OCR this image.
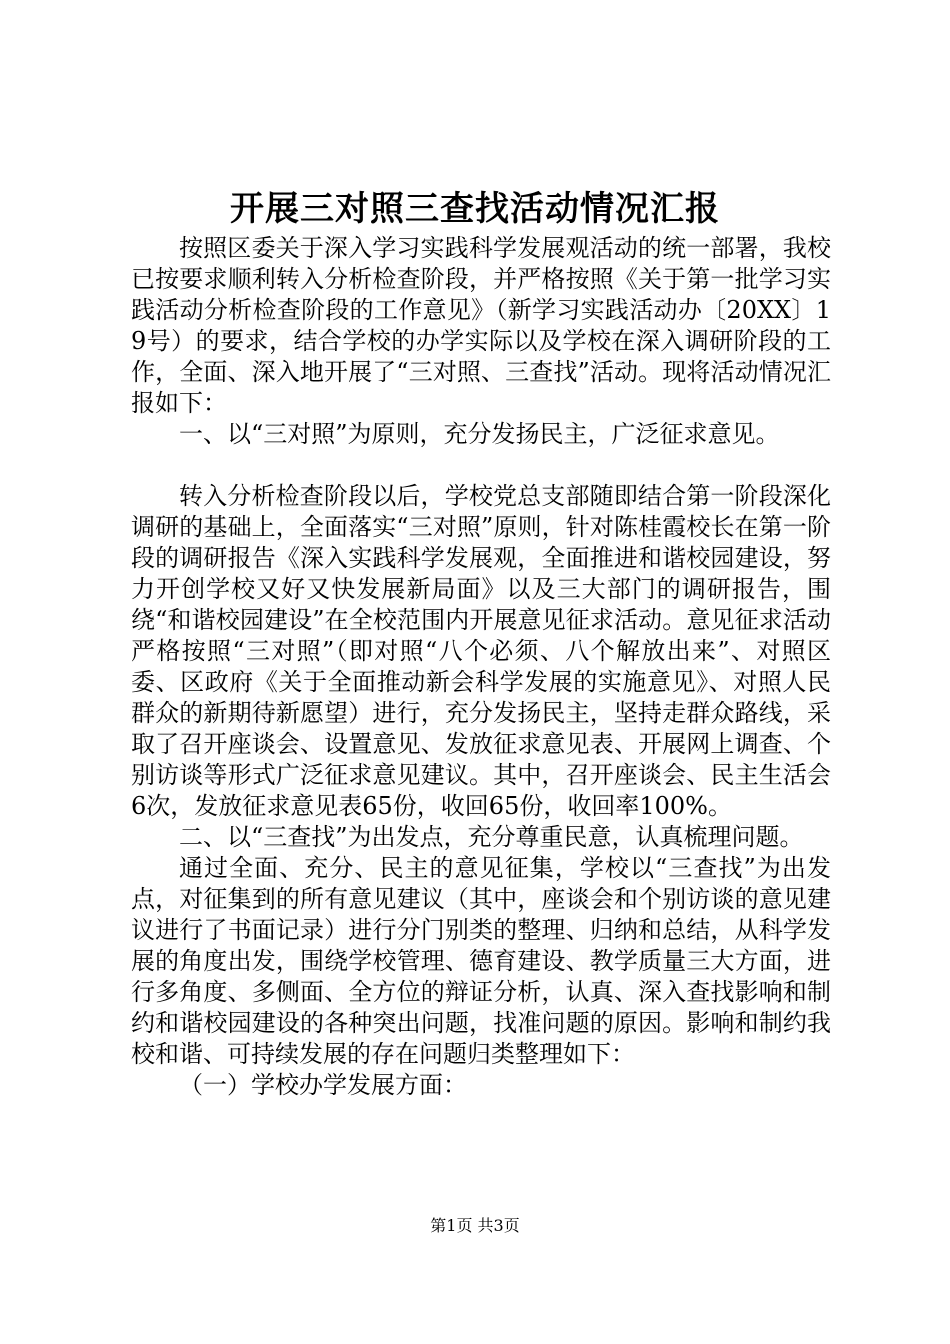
开展三对照三查找活动情况汇报

按照区委关于深入学习实践科学发展观活动的统一部署，我校已按要求顺利转入分析检查阶段，并严格按照《关于第一批学习实践活动分析检查阶段的工作意见》（新学习实践活动办〔20XX〕19号）的要求，结合学校的办学实际以及学校在深入调研阶段的工作，全面、深入地开展了“三对照、三查找”活动。现将活动情况汇报如下：

一、以“三对照”为原则，充分发扬民主，广泛征求意见。

转入分析检查阶段以后，学校党总支部随即结合第一阶段深化调研的基础上，全面落实“三对照”原则，针对陈桂霞校长在第一阶段的调研报告《深入实践科学发展观，全面推进和谐校园建设，努力开创学校又好又快发展新局面》以及三大部门的调研报告，围绕“和谐校园建设”在全校范围内开展意见征求活动。意见征求活动严格按照“三对照”（即对照“八个必须、八个解放出来”、对照区委、区政府《关于全面推动新会科学发展的实施意见》、对照人民群众的新期待新愿望）进行，充分发扬民主，坚持走群众路线，采取了召开座谈会、设置意见、发放征求意见表、开展网上调查、个别访谈等形式广泛征求意见建议。其中，召开座谈会、民主生活会6次，发放征求意见表65份，收回65份，收回率100%。

二、以“三查找”为出发点，充分尊重民意，认真梳理问题。

通过全面、充分、民主的意见征集，学校以“三查找”为出发点，对征集到的所有意见建议（其中，座谈会和个别访谈的意见建议进行了书面记录）进行分门别类的整理、归纳和总结，从科学发展的角度出发，围绕学校管理、德育建设、教学质量三大方面，进行多角度、多侧面、全方位的辩证分析，认真、深入查找影响和制约和谐校园建设的各种突出问题，找准问题的原因。影响和制约我校和谐、可持续发展的存在问题归类整理如下：

（一）学校办学发展方面：

第1页 共3页
